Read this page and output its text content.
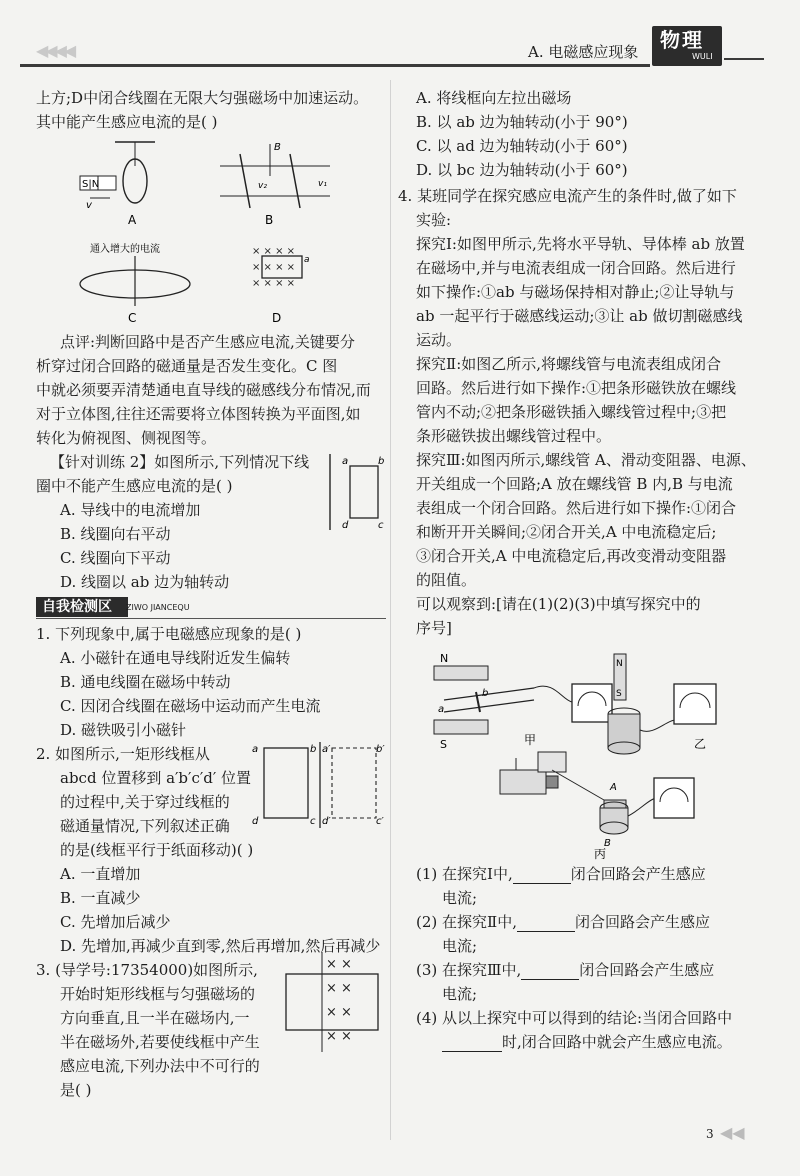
◀◀◀◀	A. 电磁感应现象 物理
WULI
上方;D中闭合线圈在无限大匀强磁场中加速运动。
其中能产生感应电流的是( )
S|N
v
A
B
v₂	v₁
B
通入增大的电流
C
× × × ×
× × × ×
× × × ×
a
D
点评:判断回路中是否产生感应电流,关键要分
析穿过闭合回路的磁通量是否发生变化。C 图
中就必须要弄清楚通电直导线的磁感线分布情况,而
对于立体图,往往还需要将立体图转换为平面图,如
转化为俯视图、侧视图等。
【针对训练 2】如图所示,下列情况下线
圈中不能产生感应电流的是( )
A. 导线中的电流增加
B. 线圈向右平动
C. 线圈向下平动
D. 线圈以 ab 边为轴转动
a	b
c
d
自我检测区	ZIWO JIANCEQU
1. 下列现象中,属于电磁感应现象的是( )
A. 小磁针在通电导线附近发生偏转
B. 通电线圈在磁场中转动
C. 因闭合线圈在磁场中运动而产生电流
D. 磁铁吸引小磁针
2. 如图所示,一矩形线框从
abcd 位置移到 a′b′c′d′ 位置
的过程中,关于穿过线框的
磁通量情况,下列叙述正确
的是(线框平行于纸面移动)( )
A. 一直增加
B. 一直减少
C. 先增加后减少
D. 先增加,再减少直到零,然后再增加,然后再减少
a	b
c
d
a′	b′
c′
d′
3. (导学号:17354000)如图所示,
开始时矩形线框与匀强磁场的
方向垂直,且一半在磁场内,一
半在磁场外,若要使线框中产生
感应电流,下列办法中不可行的
是( )
× ×
× ×
× ×
× ×
A. 将线框向左拉出磁场
B. 以 ab 边为轴转动(小于 90°)
C. 以 ad 边为轴转动(小于 60°)
D. 以 bc 边为轴转动(小于 60°)
4. 某班同学在探究感应电流产生的条件时,做了如下
实验:
探究Ⅰ:如图甲所示,先将水平导轨、导体棒 ab 放置
在磁场中,并与电流表组成一闭合回路。然后进行
如下操作:①ab 与磁场保持相对静止;②让导轨与
ab 一起平行于磁感线运动;③让 ab 做切割磁感线
运动。
探究Ⅱ:如图乙所示,将螺线管与电流表组成闭合
回路。然后进行如下操作:①把条形磁铁放在螺线
管内不动;②把条形磁铁插入螺线管过程中;③把
条形磁铁拔出螺线管过程中。
探究Ⅲ:如图丙所示,螺线管 A、滑动变阻器、电源、
开关组成一个回路;A 放在螺线管 B 内,B 与电流
表组成一个闭合回路。然后进行如下操作:①闭合
和断开开关瞬间;②闭合开关,A 中电流稳定后;
③闭合开关,A 中电流稳定后,再改变滑动变阻器
的阻值。
可以观察到:[请在(1)(2)(3)中填写探究中的
序号]
N
S
a
b
甲
N
S
乙
A
B
丙
(1) 在探究Ⅰ中,	闭合回路会产生感应
电流;
(2) 在探究Ⅱ中,	闭合回路会产生感应
电流;
(3) 在探究Ⅲ中,	闭合回路会产生感应
电流;
(4) 从以上探究中可以得到的结论:当闭合回路中
时,闭合回路中就会产生感应电流。
3 ◀◀
